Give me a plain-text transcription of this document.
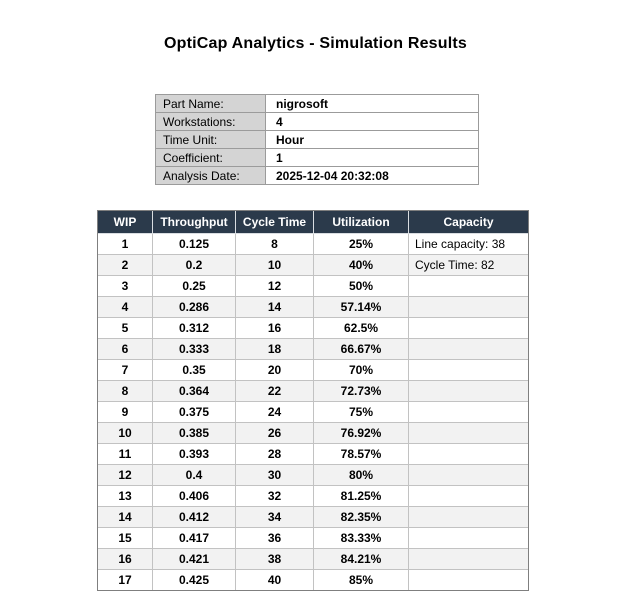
OptiCap Analytics - Simulation Results
Part Name:	nigrosoft
Workstations:	4
Time Unit:	Hour
Coefficient:	1
Analysis Date:	2025-12-04 20:32:08
WIP	Throughput	Cycle Time	Utilization	Capacity
1	0.125	8	25%	Line capacity: 38
2	0.2	10	40%	Cycle Time: 82
3	0.25	12	50%	
4	0.286	14	57.14%	
5	0.312	16	62.5%	
6	0.333	18	66.67%	
7	0.35	20	70%	
8	0.364	22	72.73%	
9	0.375	24	75%	
10	0.385	26	76.92%	
11	0.393	28	78.57%	
12	0.4	30	80%	
13	0.406	32	81.25%	
14	0.412	34	82.35%	
15	0.417	36	83.33%	
16	0.421	38	84.21%	
17	0.425	40	85%	
